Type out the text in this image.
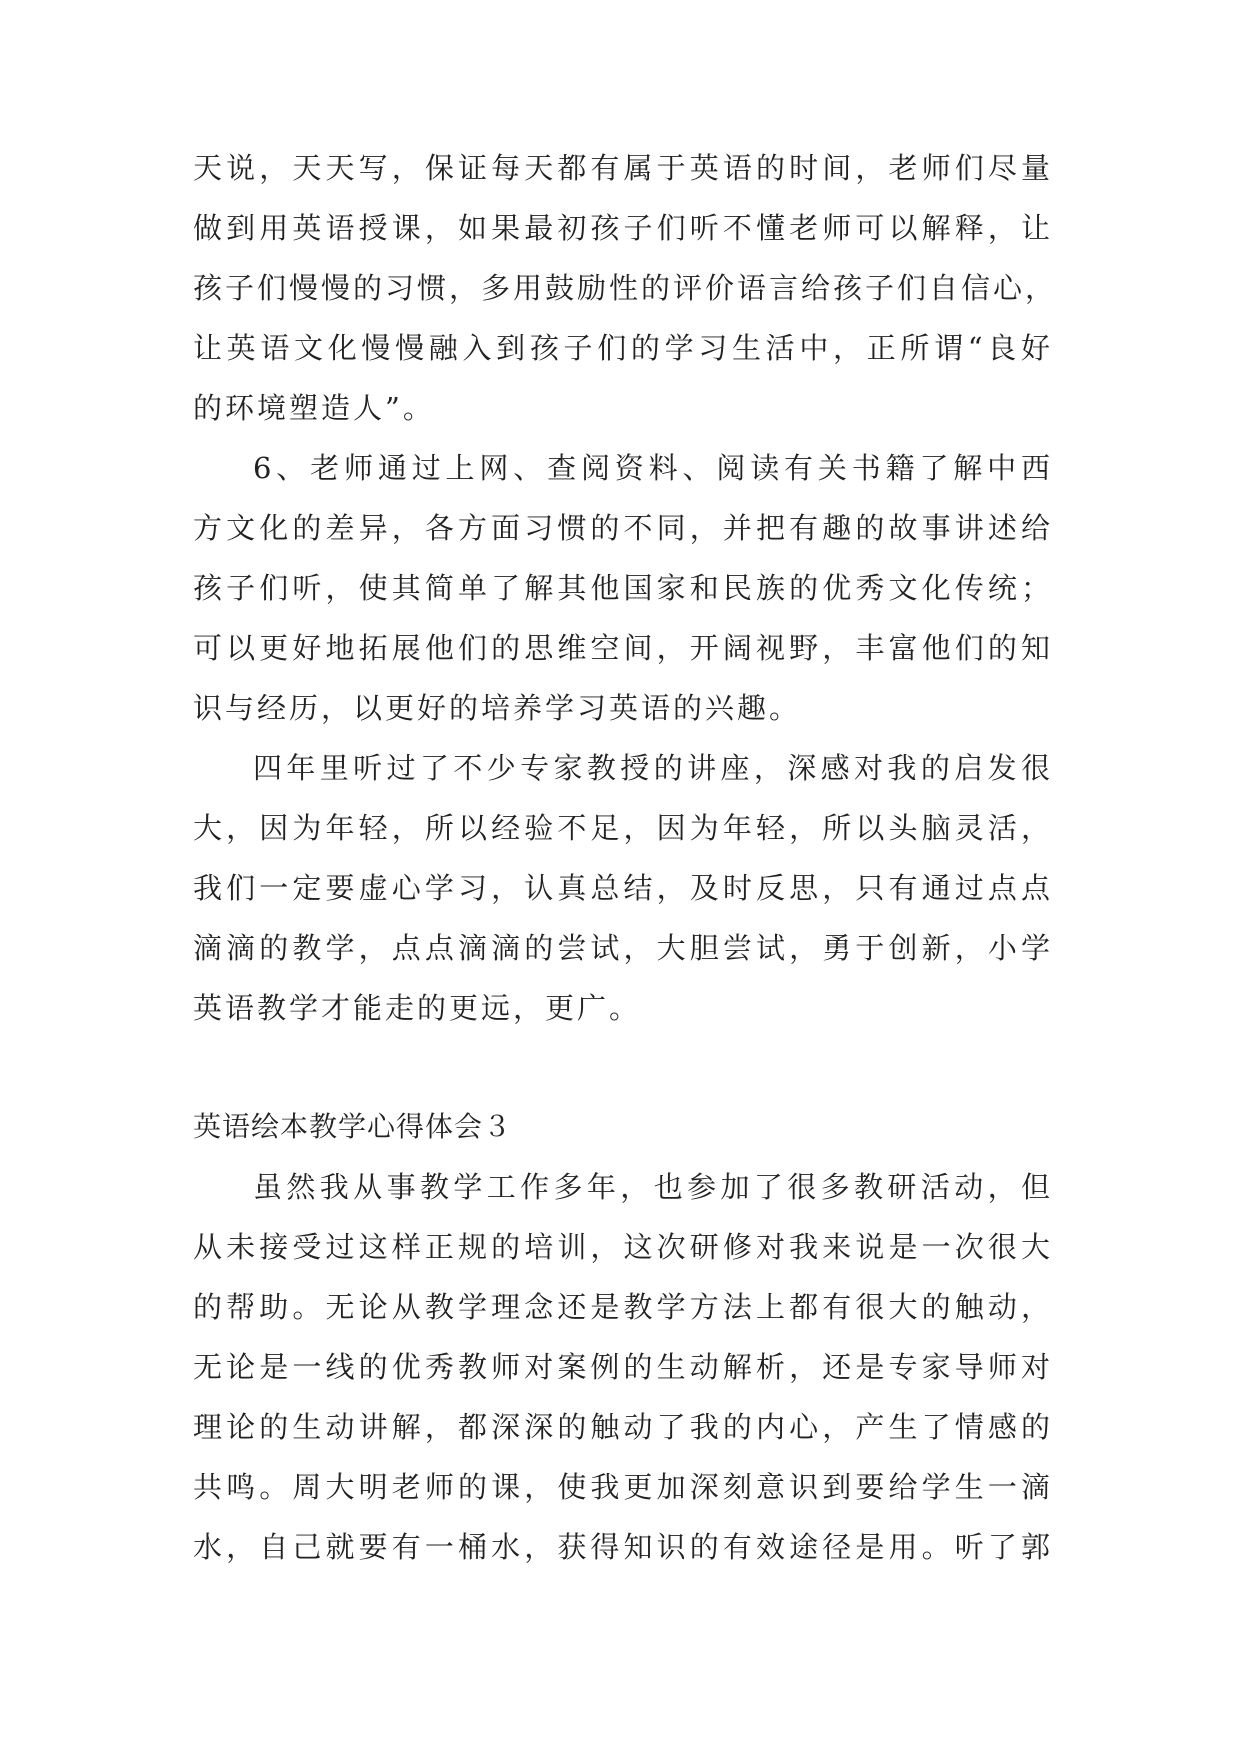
天说，天天写，保证每天都有属于英语的时间，老师们尽量
做到用英语授课，如果最初孩子们听不懂老师可以解释，让
孩子们慢慢的习惯，多用鼓励性的评价语言给孩子们自信心，
让英语文化慢慢融入到孩子们的学习生活中，正所谓“良好
的环境塑造人”。
6、老师通过上网、查阅资料、阅读有关书籍了解中西
方文化的差异，各方面习惯的不同，并把有趣的故事讲述给
孩子们听，使其简单了解其他国家和民族的优秀文化传统；
可以更好地拓展他们的思维空间，开阔视野，丰富他们的知
识与经历，以更好的培养学习英语的兴趣。
四年里听过了不少专家教授的讲座，深感对我的启发很
大，因为年轻，所以经验不足，因为年轻，所以头脑灵活，
我们一定要虚心学习，认真总结，及时反思，只有通过点点
滴滴的教学，点点滴滴的尝试，大胆尝试，勇于创新，小学
英语教学才能走的更远，更广。
英语绘本教学心得体会３
虽然我从事教学工作多年，也参加了很多教研活动，但
从未接受过这样正规的培训，这次研修对我来说是一次很大
的帮助。无论从教学理念还是教学方法上都有很大的触动，
无论是一线的优秀教师对案例的生动解析，还是专家导师对
理论的生动讲解，都深深的触动了我的内心，产生了情感的
共鸣。周大明老师的课，使我更加深刻意识到要给学生一滴
水，自己就要有一桶水，获得知识的有效途径是用。听了郭
